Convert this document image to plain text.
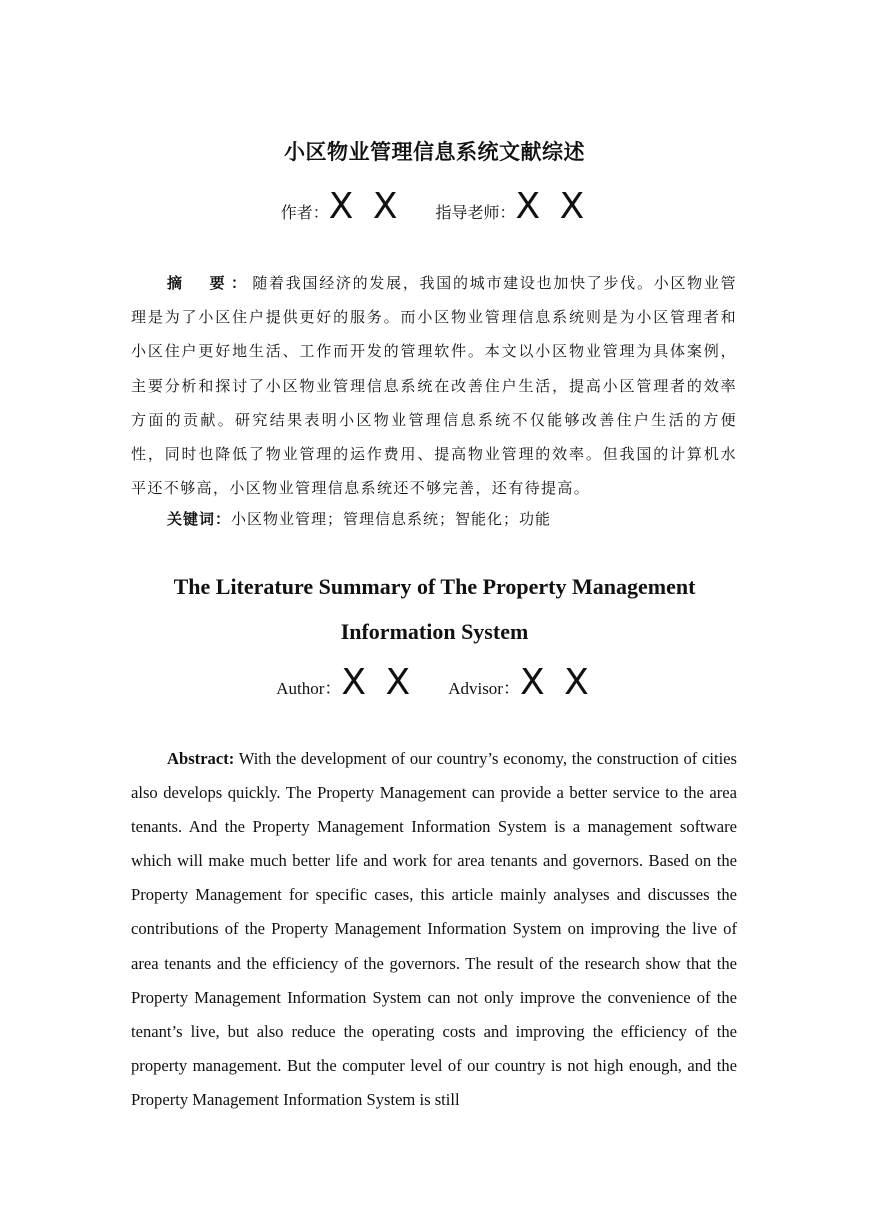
小区物业管理信息系统文献综述
作者：X X 指导老师：X X
摘　要：随着我国经济的发展，我国的城市建设也加快了步伐。小区物业管理是为了小区住户提供更好的服务。而小区物业管理信息系统则是为小区管理者和小区住户更好地生活、工作而开发的管理软件。本文以小区物业管理为具体案例，主要分析和探讨了小区物业管理信息系统在改善住户生活，提高小区管理者的效率方面的贡献。研究结果表明小区物业管理信息系统不仅能够改善住户生活的方便性，同时也降低了物业管理的运作费用、提高物业管理的效率。但我国的计算机水平还不够高，小区物业管理信息系统还不够完善，还有待提高。
关键词：小区物业管理；管理信息系统；智能化；功能
The Literature Summary of The Property Management Information System
Author：X X Advisor：X X
Abstract: With the development of our country’s economy, the construction of cities also develops quickly. The Property Management can provide a better service to the area tenants. And the Property Management Information System is a management software which will make much better life and work for area tenants and governors. Based on the Property Management for specific cases, this article mainly analyses and discusses the contributions of the Property Management Information System on improving the live of area tenants and the efficiency of the governors. The result of the research show that the Property Management Information System can not only improve the convenience of the tenant’s live, but also reduce the operating costs and improving the efficiency of the property management. But the computer level of our country is not high enough, and the Property Management Information System is still
